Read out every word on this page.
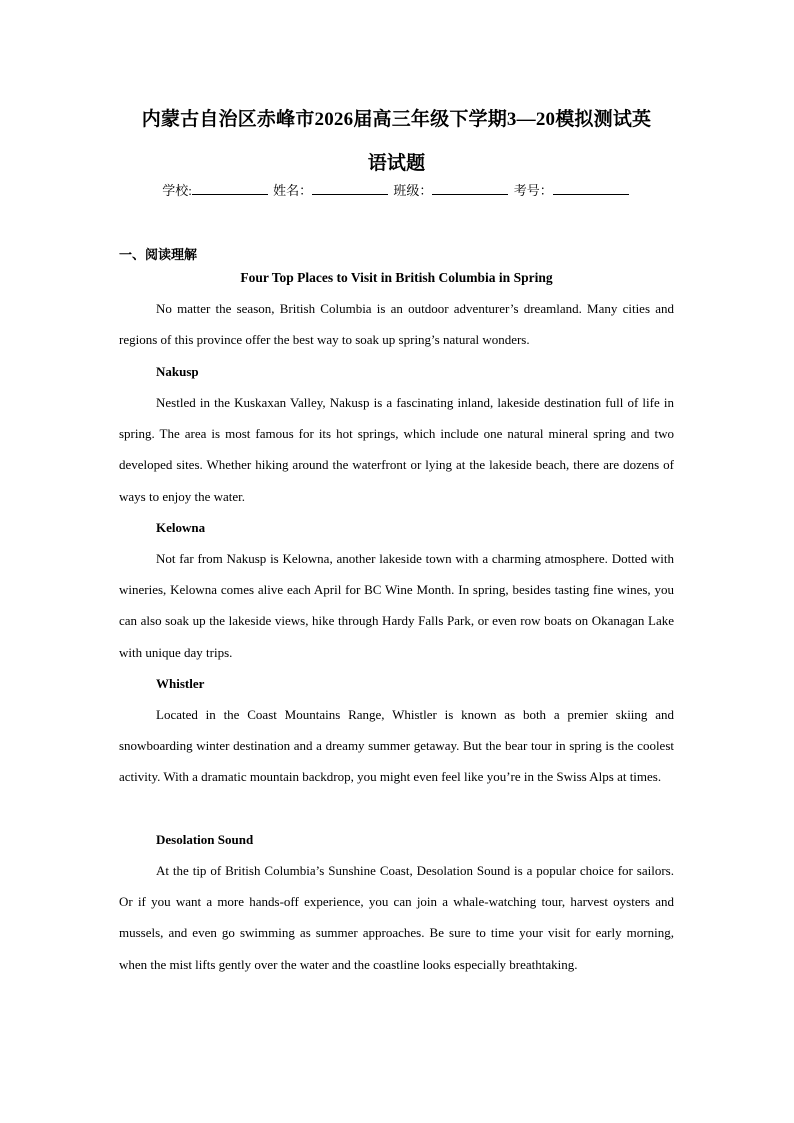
内蒙古自治区赤峰市2026届高三年级下学期3—20模拟测试英
语试题
学校:	姓名：	班级：	考号：
一、阅读理解
Four Top Places to Visit in British Columbia in Spring

No matter the season, British Columbia is an outdoor adventurer’s dreamland. Many cities and regions of this province offer the best way to soak up spring’s natural wonders.

Nakusp

Nestled in the Kuskaxan Valley, Nakusp is a fascinating inland, lakeside destination full of life in spring. The area is most famous for its hot springs, which include one natural mineral spring and two developed sites. Whether hiking around the waterfront or lying at the lakeside beach, there are dozens of ways to enjoy the water.

Kelowna

Not far from Nakusp is Kelowna, another lakeside town with a charming atmosphere. Dotted with wineries, Kelowna comes alive each April for BC Wine Month. In spring, besides tasting fine wines, you can also soak up the lakeside views, hike through Hardy Falls Park, or even row boats on Okanagan Lake with unique day trips.

Whistler

Located in the Coast Mountains Range, Whistler is known as both a premier skiing and snowboarding winter destination and a dreamy summer getaway. But the bear tour in spring is the coolest activity. With a dramatic mountain backdrop, you might even feel like you’re in the Swiss Alps at times.

Desolation Sound

At the tip of British Columbia’s Sunshine Coast, Desolation Sound is a popular choice for sailors. Or if you want a more hands-off experience, you can join a whale-watching tour, harvest oysters and mussels, and even go swimming as summer approaches. Be sure to time your visit for early morning, when the mist lifts gently over the water and the coastline looks especially breathtaking.
